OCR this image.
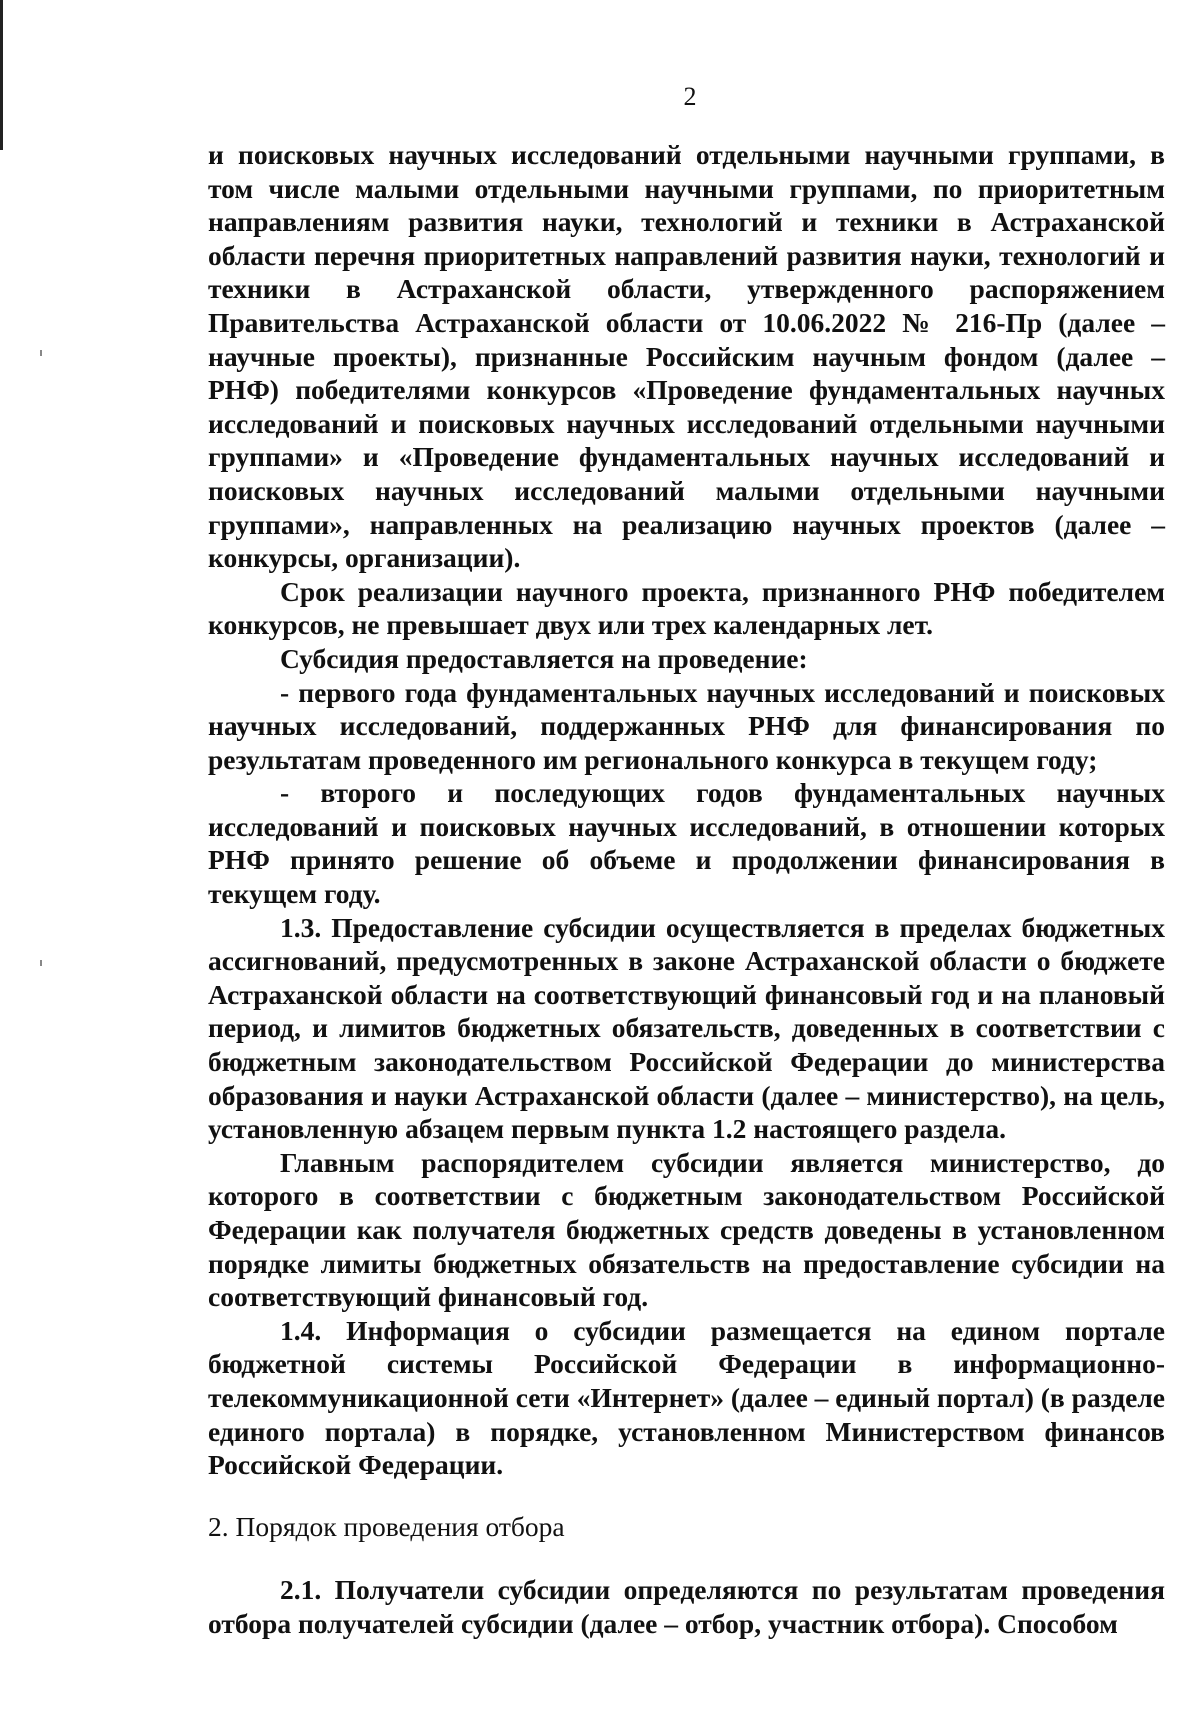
2

и поисковых научных исследований отдельными научными группами, в том числе малыми отдельными научными группами, по приоритетным направлениям развития науки, технологий и техники в Астраханской области перечня приоритетных направлений развития науки, технологий и техники в Астраханской области, утвержденного распоряжением Правительства Астраханской области от 10.06.2022 № 216-Пр (далее – научные проекты), признанные Российским научным фондом (далее – РНФ) победителями конкурсов «Проведение фундаментальных научных исследований и поисковых научных исследований отдельными научными группами» и «Проведение фундаментальных научных исследований и поисковых научных исследований малыми отдельными научными группами», направленных на реализацию научных проектов (далее – конкурсы, организации).

Срок реализации научного проекта, признанного РНФ победителем конкурсов, не превышает двух или трех календарных лет.

Субсидия предоставляется на проведение:

- первого года фундаментальных научных исследований и поисковых научных исследований, поддержанных РНФ для финансирования по результатам проведенного им регионального конкурса в текущем году;

- второго и последующих годов фундаментальных научных исследований и поисковых научных исследований, в отношении которых РНФ принято решение об объеме и продолжении финансирования в текущем году.

1.3. Предоставление субсидии осуществляется в пределах бюджетных ассигнований, предусмотренных в законе Астраханской области о бюджете Астраханской области на соответствующий финансовый год и на плановый период, и лимитов бюджетных обязательств, доведенных в соответствии с бюджетным законодательством Российской Федерации до министерства образования и науки Астраханской области (далее – министерство), на цель, установленную абзацем первым пункта 1.2 настоящего раздела.

Главным распорядителем субсидии является министерство, до которого в соответствии с бюджетным законодательством Российской Федерации как получателя бюджетных средств доведены в установленном порядке лимиты бюджетных обязательств на предоставление субсидии на соответствующий финансовый год.

1.4. Информация о субсидии размещается на едином портале бюджетной системы Российской Федерации в информационно-телекоммуникационной сети «Интернет» (далее – единый портал) (в разделе единого портала) в порядке, установленном Министерством финансов Российской Федерации.

2. Порядок проведения отбора

2.1. Получатели субсидии определяются по результатам проведения отбора получателей субсидии (далее – отбор, участник отбора). Способом
